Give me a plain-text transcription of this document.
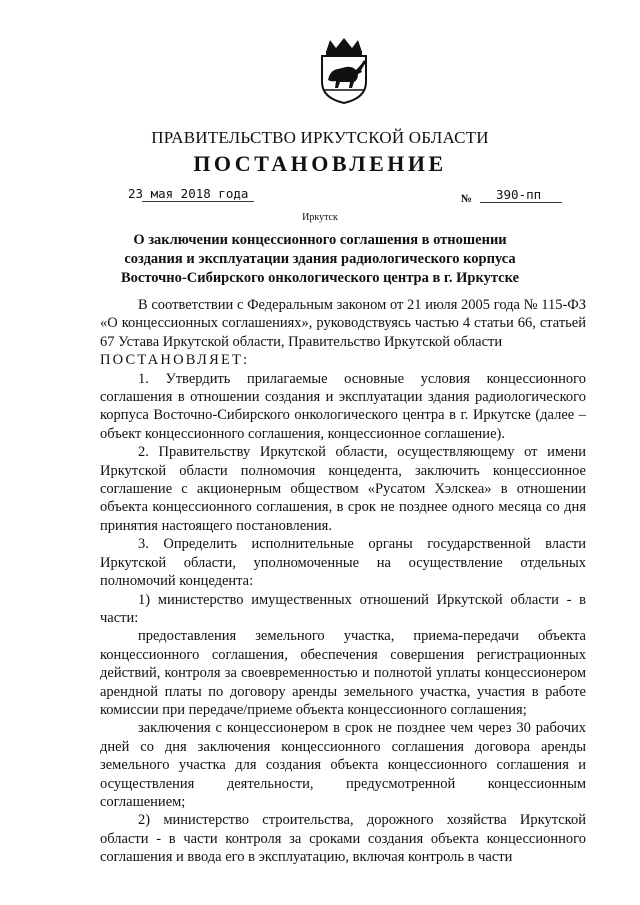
ПРАВИТЕЛЬСТВО ИРКУТСКОЙ ОБЛАСТИ
ПОСТАНОВЛЕНИЕ
23 мая 2018 года	№ 390-пп
Иркутск
О заключении концессионного соглашения в отношении создания и эксплуатации здания радиологического корпуса Восточно-Сибирского онкологического центра в г. Иркутске

В соответствии с Федеральным законом от 21 июля 2005 года № 115-ФЗ «О концессионных соглашениях», руководствуясь частью 4 статьи 66, статьей 67 Устава Иркутской области, Правительство Иркутской области

ПОСТАНОВЛЯЕТ:

1. Утвердить прилагаемые основные условия концессионного соглашения в отношении создания и эксплуатации здания радиологического корпуса Восточно-Сибирского онкологического центра в г. Иркутске (далее – объект концессионного соглашения, концессионное соглашение).

2. Правительству Иркутской области, осуществляющему от имени Иркутской области полномочия концедента, заключить концессионное соглашение с акционерным обществом «Русатом Хэлскеа» в отношении объекта концессионного соглашения, в срок не позднее одного месяца со дня принятия настоящего постановления.

3. Определить исполнительные органы государственной власти Иркутской области, уполномоченные на осуществление отдельных полномочий концедента:

1) министерство имущественных отношений Иркутской области - в части:

предоставления земельного участка, приема-передачи объекта концессионного соглашения, обеспечения совершения регистрационных действий, контроля за своевременностью и полнотой уплаты концессионером арендной платы по договору аренды земельного участка, участия в работе комиссии при передаче/приеме объекта концессионного соглашения;

заключения с концессионером в срок не позднее чем через 30 рабочих дней со дня заключения концессионного соглашения договора аренды земельного участка для создания объекта концессионного соглашения и осуществления деятельности, предусмотренной концессионным соглашением;

2) министерство строительства, дорожного хозяйства Иркутской области - в части контроля за сроками создания объекта концессионного соглашения и ввода его в эксплуатацию, включая контроль в части
